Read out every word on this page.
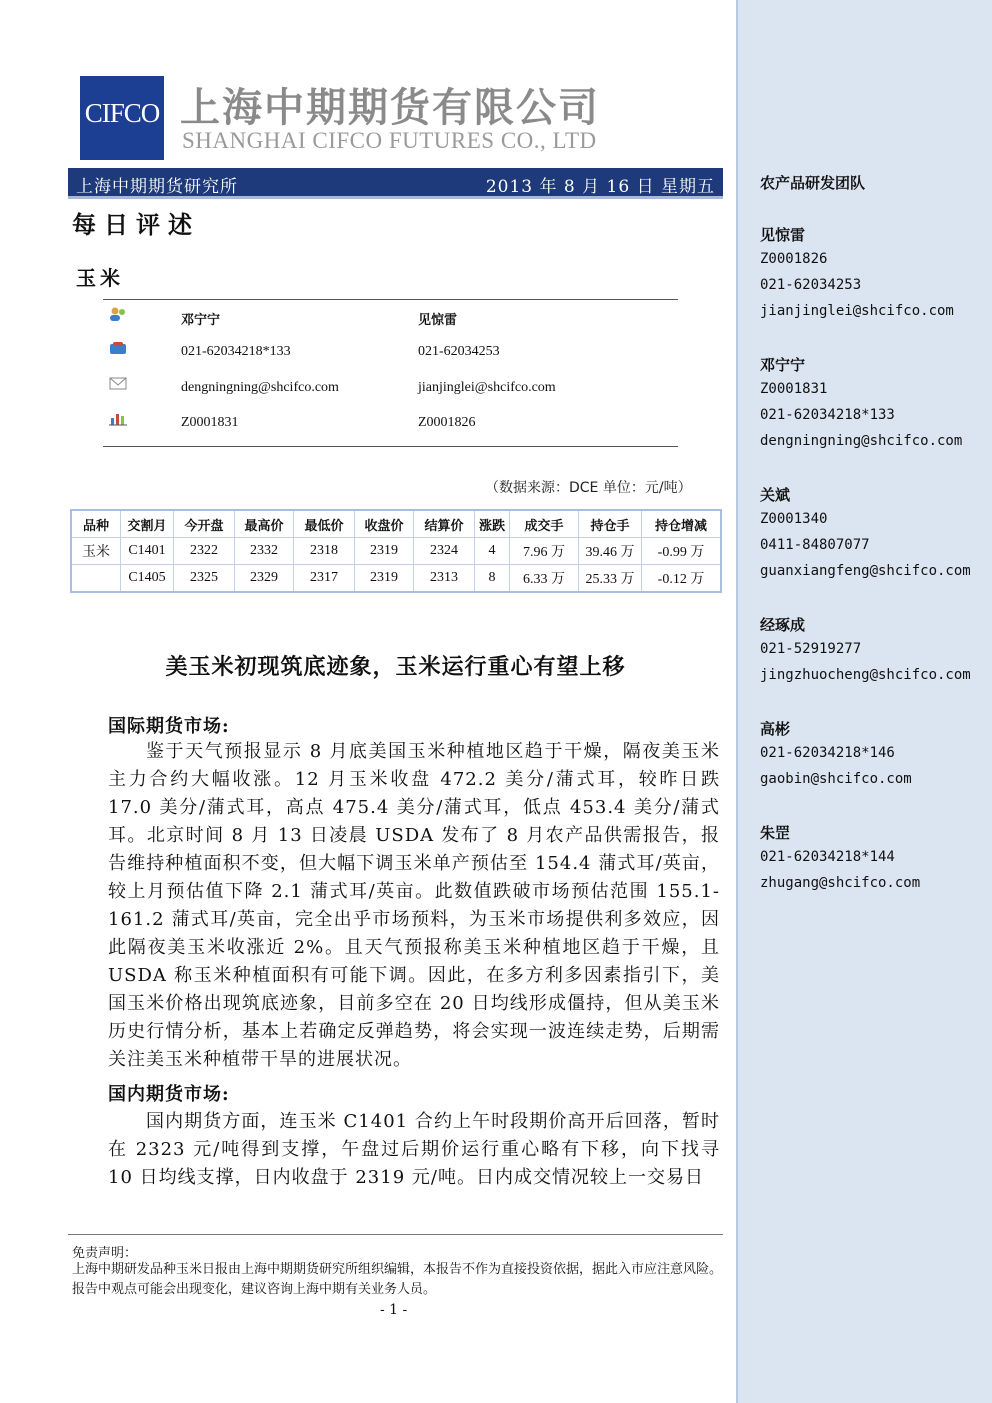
CIFCO 上海中期期货有限公司
SHANGHAI CIFCO FUTURES CO., LTD
上海中期期货研究所	2013 年 8 月 16 日 星期五
每日评述
玉米
邓宁宁	见惊雷
021-62034218*133	021-62034253
dengningning@shcifco.com	jianjinglei@shcifco.com
Z0001831	Z0001826
（数据来源：DCE 单位：元/吨）
品种	交割月	今开盘	最高价	最低价	收盘价	结算价	涨跌	成交手	持仓手	持仓增减
玉米	C1401	2322	2332	2318	2319	2324	4	7.96 万	39.46 万	-0.99 万
	C1405	2325	2329	2317	2319	2313	8	6.33 万	25.33 万	-0.12 万
美玉米初现筑底迹象，玉米运行重心有望上移
国际期货市场:
鉴于天气预报显示 8 月底美国玉米种植地区趋于干燥，隔夜美玉米主力合约大幅收涨。12 月玉米收盘 472.2 美分/蒲式耳，较昨日跌 17.0 美分/蒲式耳，高点 475.4 美分/蒲式耳，低点 453.4 美分/蒲式耳。北京时间 8 月 13 日凌晨 USDA 发布了 8 月农产品供需报告，报告维持种植面积不变，但大幅下调玉米单产预估至 154.4 蒲式耳/英亩，较上月预估值下降 2.1 蒲式耳/英亩。此数值跌破市场预估范围 155.1-161.2 蒲式耳/英亩，完全出乎市场预料，为玉米市场提供利多效应，因此隔夜美玉米收涨近 2%。且天气预报称美玉米种植地区趋于干燥，且 USDA 称玉米种植面积有可能下调。因此，在多方利多因素指引下，美国玉米价格出现筑底迹象，目前多空在 20 日均线形成僵持，但从美玉米历史行情分析，基本上若确定反弹趋势，将会实现一波连续走势，后期需关注美玉米种植带干旱的进展状况。
国内期货市场:
国内期货方面，连玉米 C1401 合约上午时段期价高开后回落，暂时在 2323 元/吨得到支撑，午盘过后期价运行重心略有下移，向下找寻 10 日均线支撑，日内收盘于 2319 元/吨。日内成交情况较上一交易日
免责声明：
上海中期研发品种玉米日报由上海中期期货研究所组织编辑，本报告不作为直接投资依据，据此入市应注意风险。报告中观点可能会出现变化，建议咨询上海中期有关业务人员。
- 1 -
农产品研发团队
见惊雷
Z0001826
021-62034253
jianjinglei@shcifco.com
邓宁宁
Z0001831
021-62034218*133
dengningning@shcifco.com
关斌
Z0001340
0411-84807077
guanxiangfeng@shcifco.com
经琢成
021-52919277
jingzhuocheng@shcifco.com
高彬
021-62034218*146
gaobin@shcifco.com
朱罡
021-62034218*144
zhugang@shcifco.com
